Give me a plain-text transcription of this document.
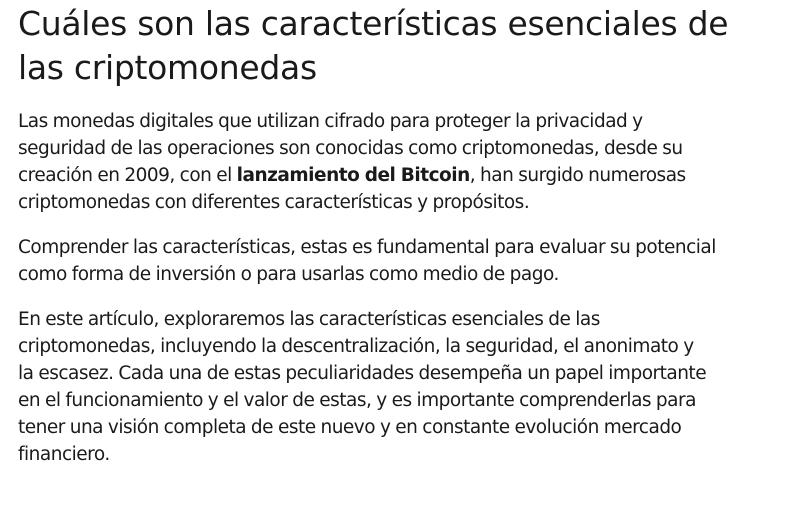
Cuáles son las características esenciales de
las criptomonedas

Las monedas digitales que utilizan cifrado para proteger la privacidad y
seguridad de las operaciones son conocidas como criptomonedas, desde su
creación en 2009, con el lanzamiento del Bitcoin, han surgido numerosas
criptomonedas con diferentes características y propósitos.

Comprender las características, estas es fundamental para evaluar su potencial
como forma de inversión o para usarlas como medio de pago.

En este artículo, exploraremos las características esenciales de las
criptomonedas, incluyendo la descentralización, la seguridad, el anonimato y
la escasez. Cada una de estas peculiaridades desempeña un papel importante
en el funcionamiento y el valor de estas, y es importante comprenderlas para
tener una visión completa de este nuevo y en constante evolución mercado
financiero.
